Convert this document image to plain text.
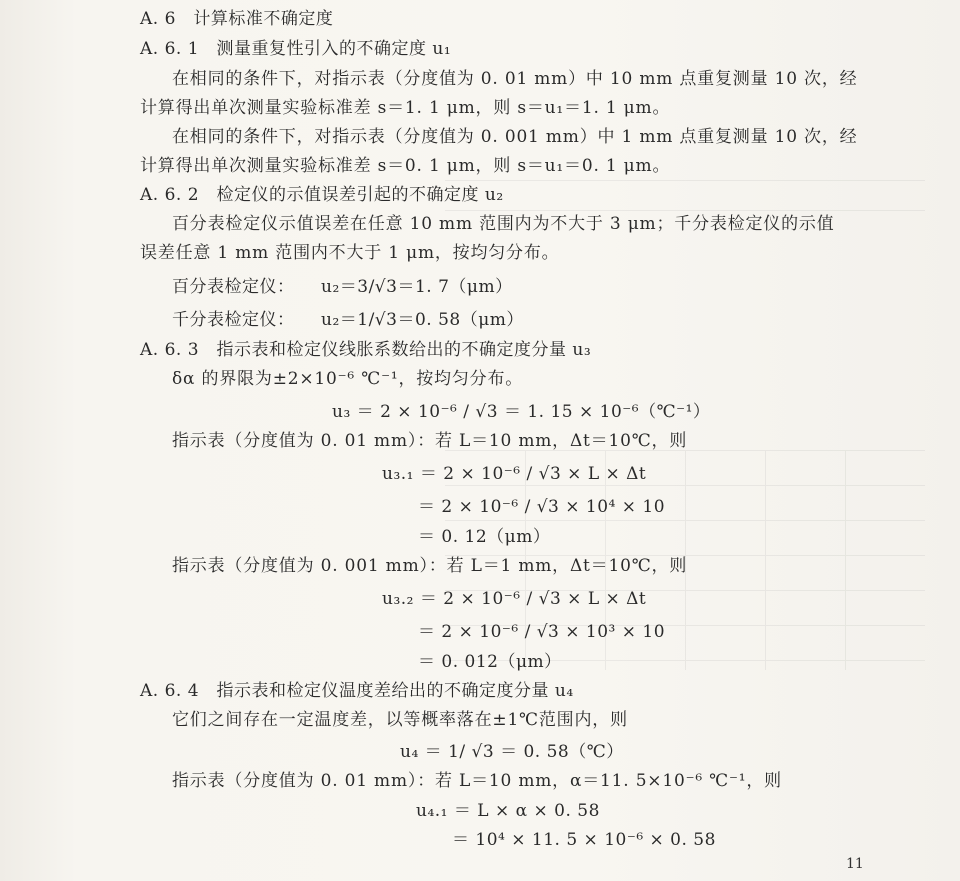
A. 6　计算标准不确定度
A. 6. 1　测量重复性引入的不确定度 u₁
在相同的条件下，对指示表（分度值为 0. 01 mm）中 10 mm 点重复测量 10 次，经
计算得出单次测量实验标准差 s＝1. 1 μm，则 s＝u₁＝1. 1 μm。
在相同的条件下，对指示表（分度值为 0. 001 mm）中 1 mm 点重复测量 10 次，经
计算得出单次测量实验标准差 s＝0. 1 μm，则 s＝u₁＝0. 1 μm。
A. 6. 2　检定仪的示值误差引起的不确定度 u₂
百分表检定仪示值误差在任意 10 mm 范围内为不大于 3 μm；千分表检定仪的示值
误差任意 1 mm 范围内不大于 1 μm，按均匀分布。
百分表检定仪：　　u₂＝3/√3＝1. 7（μm）
千分表检定仪：　　u₂＝1/√3＝0. 58（μm）
A. 6. 3　指示表和检定仪线胀系数给出的不确定度分量 u₃
δα 的界限为±2×10⁻⁶ ℃⁻¹，按均匀分布。
u₃ ＝ 2 × 10⁻⁶ / √3 ＝ 1. 15 × 10⁻⁶（℃⁻¹）
指示表（分度值为 0. 01 mm）：若 L＝10 mm，Δt＝10℃，则
u₃.₁ ＝ 2 × 10⁻⁶ / √3 × L × Δt
＝ 2 × 10⁻⁶ / √3 × 10⁴ × 10
＝ 0. 12（μm）
指示表（分度值为 0. 001 mm）：若 L＝1 mm，Δt＝10℃，则
u₃.₂ ＝ 2 × 10⁻⁶ / √3 × L × Δt
＝ 2 × 10⁻⁶ / √3 × 10³ × 10
＝ 0. 012（μm）
A. 6. 4　指示表和检定仪温度差给出的不确定度分量 u₄
它们之间存在一定温度差，以等概率落在±1℃范围内，则
u₄ ＝ 1/ √3 ＝ 0. 58（℃）
指示表（分度值为 0. 01 mm）：若 L＝10 mm，α＝11. 5×10⁻⁶ ℃⁻¹，则
u₄.₁ ＝ L × α × 0. 58
＝ 10⁴ × 11. 5 × 10⁻⁶ × 0. 58
11
